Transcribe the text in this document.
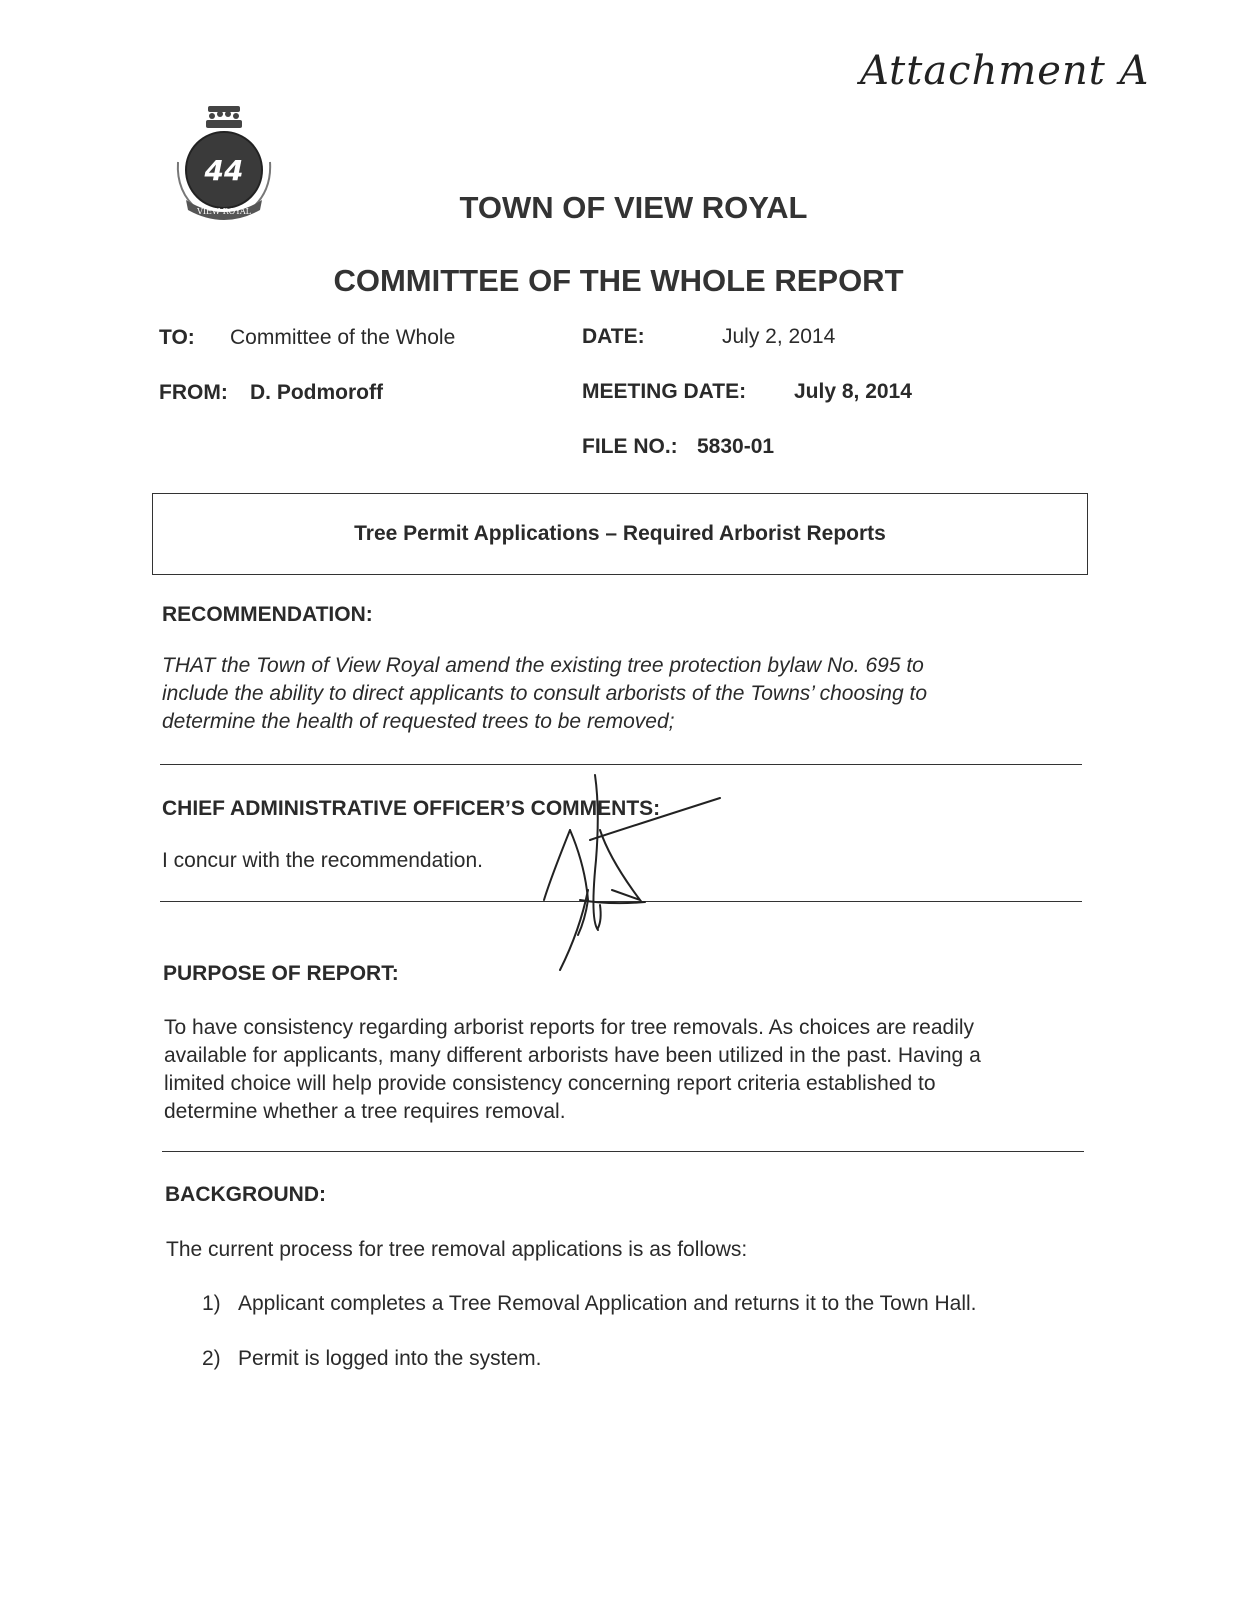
Attachment A
44
VIEW ROYAL	TOWN OF VIEW ROYAL
COMMITTEE OF THE WHOLE REPORT
TO: Committee of the Whole
FROM: D. Podmoroff
DATE:	July 2, 2014
MEETING DATE: July 8, 2014
FILE NO.: 5830-01
Tree Permit Applications – Required Arborist Reports
RECOMMENDATION:
THAT the Town of View Royal amend the existing tree protection bylaw No. 695 to
include the ability to direct applicants to consult arborists of the Towns’ choosing to
determine the health of requested trees to be removed;
CHIEF ADMINISTRATIVE OFFICER’S COMMENTS:
I concur with the recommendation.
PURPOSE OF REPORT:
To have consistency regarding arborist reports for tree removals. As choices are readily
available for applicants, many different arborists have been utilized in the past. Having a
limited choice will help provide consistency concerning report criteria established to
determine whether a tree requires removal.
BACKGROUND:
The current process for tree removal applications is as follows:
1) Applicant completes a Tree Removal Application and returns it to the Town Hall.
2) Permit is logged into the system.
